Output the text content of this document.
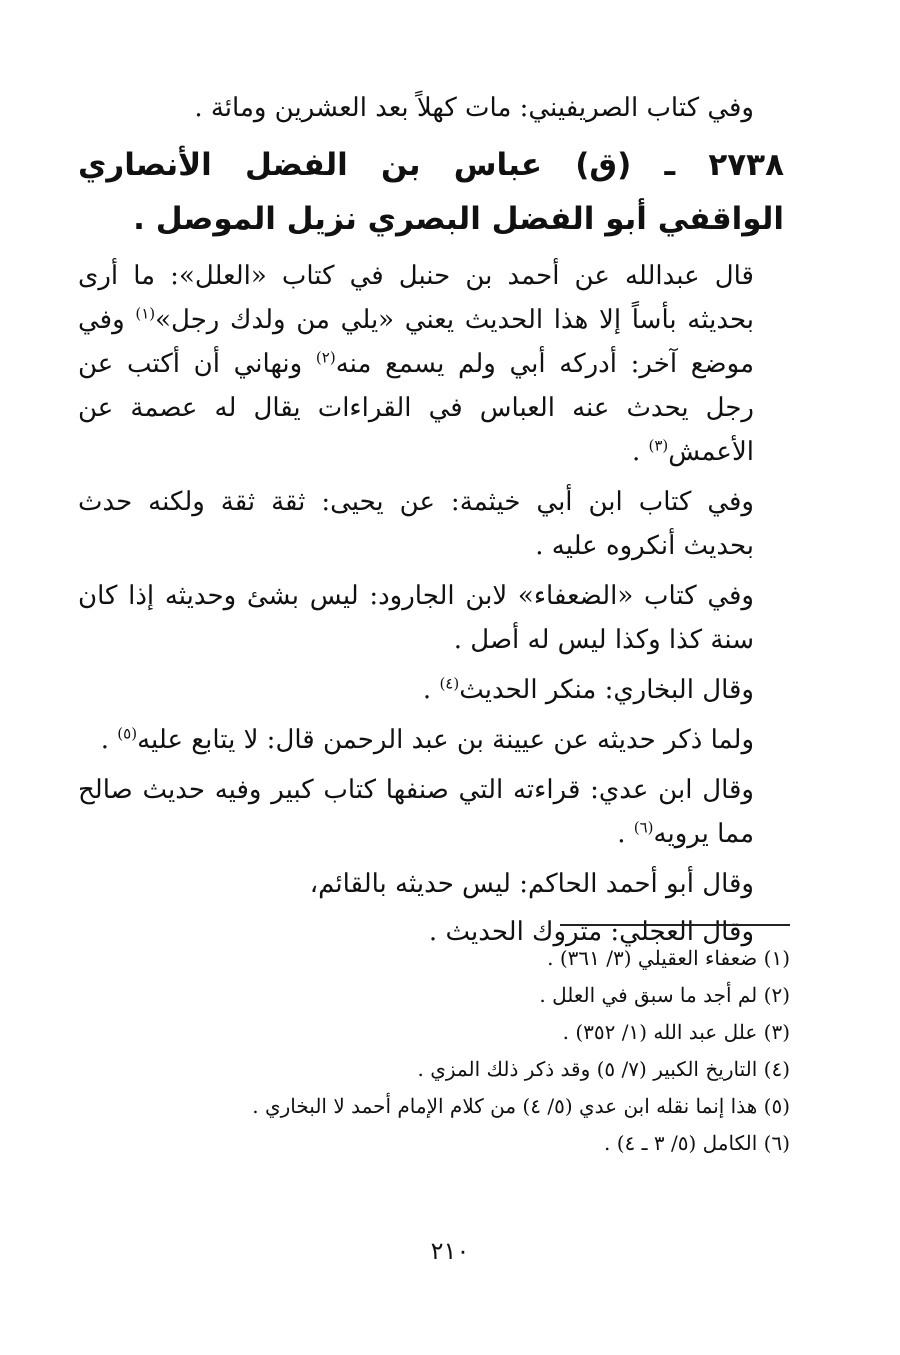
وفي كتاب الصريفيني: مات كهلاً بعد العشرين ومائة .

٢٧٣٨ ـ (ق) عباس بن الفضل الأنصاري الواقفي أبو الفضل البصري نزيل الموصل .

قال عبدالله عن أحمد بن حنبل في كتاب «العلل»: ما أرى بحديثه بأساً إلا هذا الحديث يعني «يلي من ولدك رجل»$^{(١)}$ وفي موضع آخر: أدركه أبي ولم يسمع منه$^{(٢)}$ ونهاني أن أكتب عن رجل يحدث عنه العباس في القراءات يقال له عصمة عن الأعمش$^{(٣)}$ .

وفي كتاب ابن أبي خيثمة: عن يحيى: ثقة ثقة ولكنه حدث بحديث أنكروه عليه .

وفي كتاب «الضعفاء» لابن الجارود: ليس بشئ وحديثه إذا كان سنة كذا وكذا ليس له أصل .

وقال البخاري: منكر الحديث$^{(٤)}$ .

ولما ذكر حديثه عن عيينة بن عبد الرحمن قال: لا يتابع عليه$^{(٥)}$ .

وقال ابن عدي: قراءته التي صنفها كتاب كبير وفيه حديث صالح مما يرويه$^{(٦)}$ .

وقال أبو أحمد الحاكم: ليس حديثه بالقائم،

وقال العجلي: متروك الحديث .

(١) ضعفاء العقيلي (٣/ ٣٦١) .

(٢) لم أجد ما سبق في العلل .

(٣) علل عبد الله (١/ ٣٥٢) .

(٤) التاريخ الكبير (٧/ ٥) وقد ذكر ذلك المزي .

(٥) هذا إنما نقله ابن عدي (٥/ ٤) من كلام الإمام أحمد لا البخاري .

(٦) الكامل (٥/ ٣ ـ ٤) .

٢١٠
